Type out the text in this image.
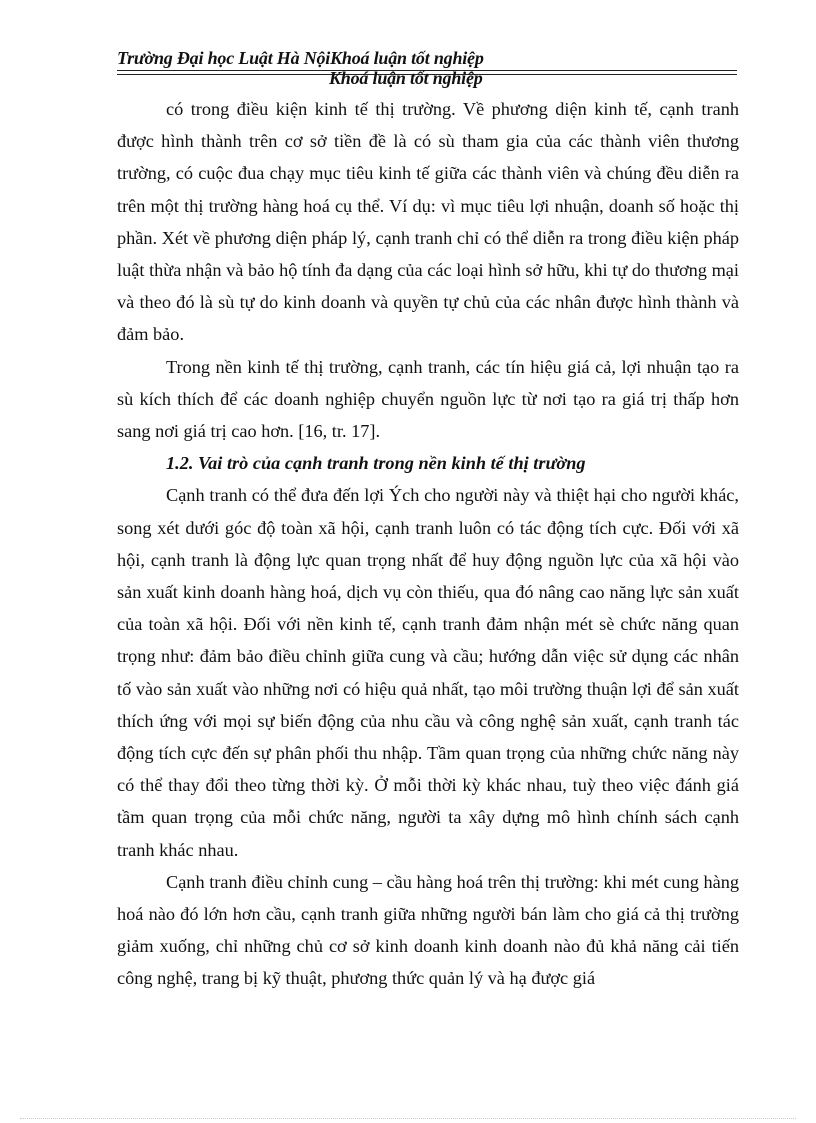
Trường Đại học Luật Hà NộiKhoá luận tốt nghiệp
Khoá luận tốt nghiệp

có trong điều kiện kinh tế thị trường. Về phương diện kinh tế, cạnh tranh được hình thành trên cơ sở tiền đề là có sù tham gia của các thành viên thương trường, có cuộc đua chạy mục tiêu kinh tế giữa các thành viên và chúng đều diễn ra trên một thị trường hàng hoá cụ thể. Ví dụ: vì mục tiêu lợi nhuận, doanh số hoặc thị phần. Xét về phương diện pháp lý, cạnh tranh chỉ có thể diễn ra trong điều kiện pháp luật thừa nhận và bảo hộ tính đa dạng của các loại hình sở hữu, khi tự do thương mại và theo đó là sù tự do kinh doanh và quyền tự chủ của các nhân được hình thành và đảm bảo.

Trong nền kinh tế thị trường, cạnh tranh, các tín hiệu giá cả, lợi nhuận tạo ra sù kích thích để các doanh nghiệp chuyển nguồn lực từ nơi tạo ra giá trị thấp hơn sang nơi giá trị cao hơn. [16, tr. 17].

1.2. Vai trò của cạnh tranh trong nền kinh tế thị trường

Cạnh tranh có thể đưa đến lợi Ých cho người này và thiệt hại cho người khác, song xét dưới góc độ toàn xã hội, cạnh tranh luôn có tác động tích cực. Đối với xã hội, cạnh tranh là động lực quan trọng nhất để huy động nguồn lực của xã hội vào sản xuất kinh doanh hàng hoá, dịch vụ còn thiếu, qua đó nâng cao năng lực sản xuất của toàn xã hội. Đối với nền kinh tế, cạnh tranh đảm nhận mét sè chức năng quan trọng như: đảm bảo điều chỉnh giữa cung và cầu; hướng dẫn việc sử dụng các nhân tố vào sản xuất vào những nơi có hiệu quả nhất, tạo môi trường thuận lợi để sản xuất thích ứng với mọi sự biến động của nhu cầu và công nghệ sản xuất, cạnh tranh tác động tích cực đến sự phân phối thu nhập. Tầm quan trọng của những chức năng này có thể thay đổi theo từng thời kỳ. Ở mỗi thời kỳ khác nhau, tuỳ theo việc đánh giá tầm quan trọng của mỗi chức năng, người ta xây dựng mô hình chính sách cạnh tranh khác nhau.

Cạnh tranh điều chỉnh cung – cầu hàng hoá trên thị trường: khi mét cung hàng hoá nào đó lớn hơn cầu, cạnh tranh giữa những người bán làm cho giá cả thị trường giảm xuống, chỉ những chủ cơ sở kinh doanh kinh doanh nào đủ khả năng cải tiến công nghệ, trang bị kỹ thuật, phương thức quản lý và hạ được giá
